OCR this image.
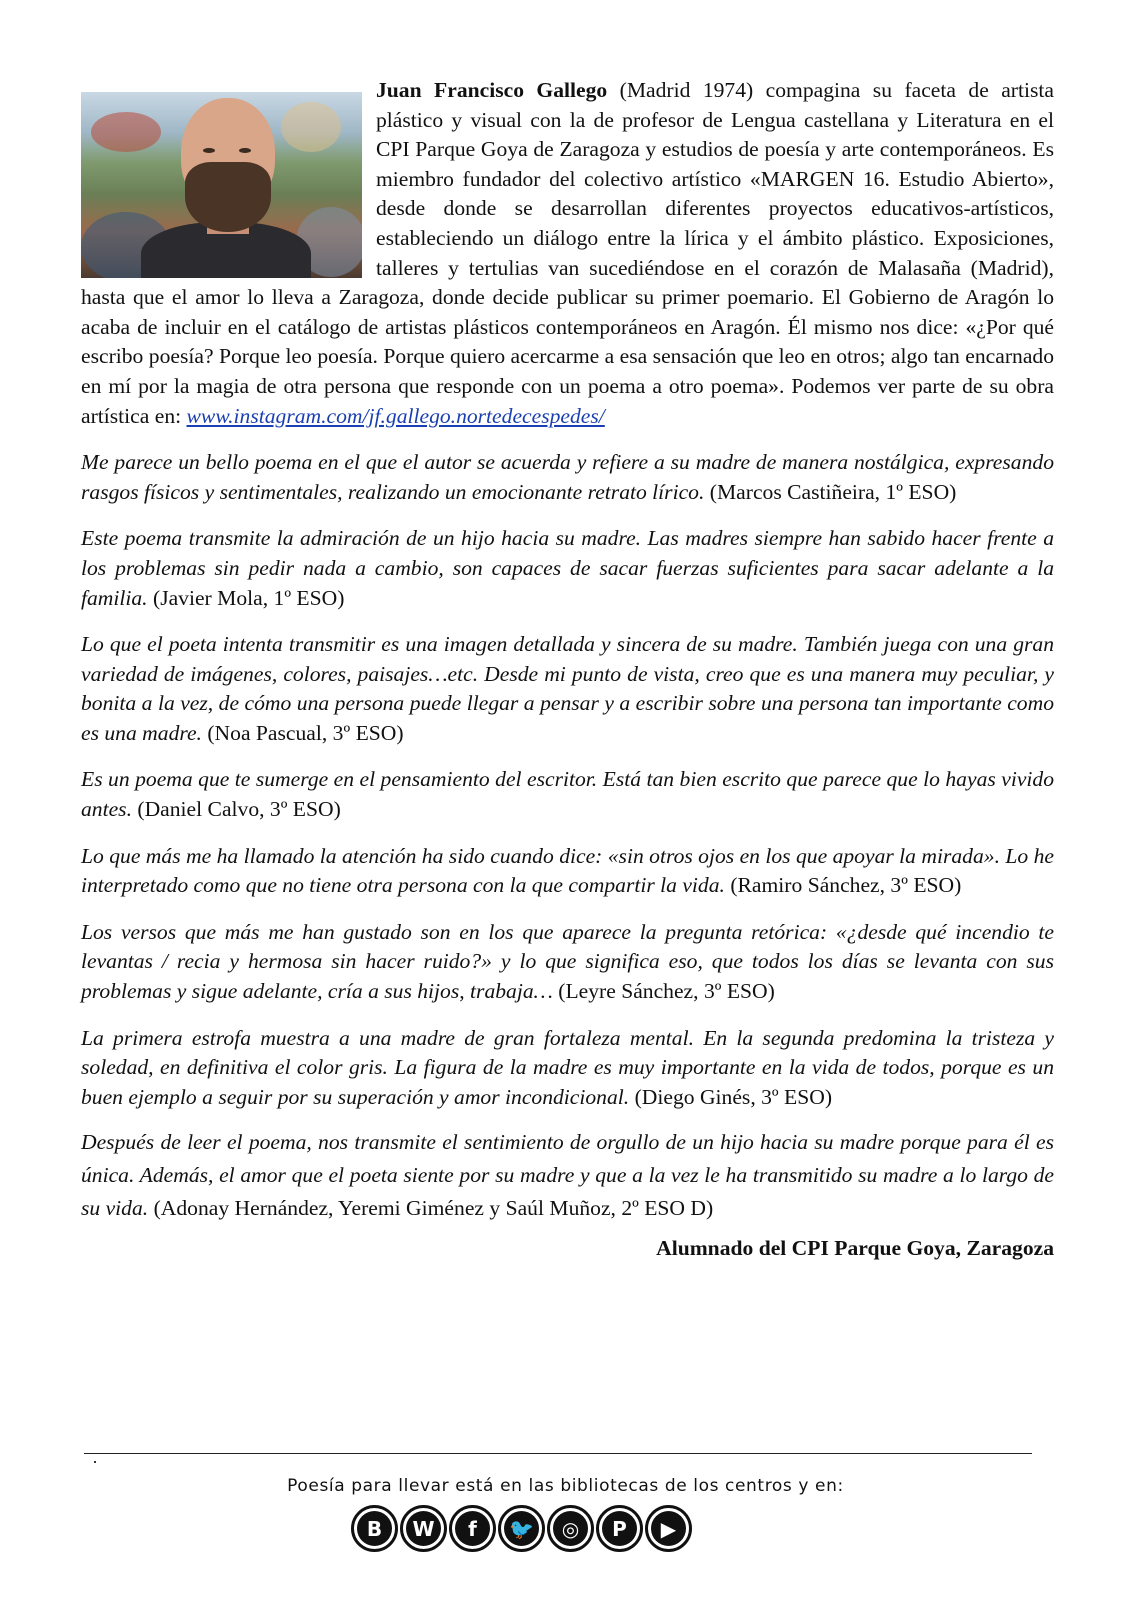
Juan Francisco Gallego (Madrid 1974) compagina su faceta de artista plástico y visual con la de profesor de Lengua castellana y Literatura en el CPI Parque Goya de Zaragoza y estudios de poesía y arte contemporáneos. Es miembro fundador del colectivo artístico «MARGEN 16. Estudio Abierto», desde donde se desarrollan diferentes proyectos educativos-artísticos, estableciendo un diálogo entre la lírica y el ámbito plástico. Exposiciones, talleres y tertulias van sucediéndose en el corazón de Malasaña (Madrid), hasta que el amor lo lleva a Zaragoza, donde decide publicar su primer poemario. El Gobierno de Aragón lo acaba de incluir en el catálogo de artistas plásticos contemporáneos en Aragón. Él mismo nos dice: «¿Por qué escribo poesía? Porque leo poesía. Porque quiero acercarme a esa sensación que leo en otros; algo tan encarnado en mí por la magia de otra persona que responde con un poema a otro poema». Podemos ver parte de su obra artística en: www.instagram.com/jf.gallego.nortedecespedes/

Me parece un bello poema en el que el autor se acuerda y refiere a su madre de manera nostálgica, expresando rasgos físicos y sentimentales, realizando un emocionante retrato lírico. (Marcos Castiñeira, 1º ESO)

Este poema transmite la admiración de un hijo hacia su madre. Las madres siempre han sabido hacer frente a los problemas sin pedir nada a cambio, son capaces de sacar fuerzas suficientes para sacar adelante a la familia. (Javier Mola, 1º ESO)

Lo que el poeta intenta transmitir es una imagen detallada y sincera de su madre. También juega con una gran variedad de imágenes, colores, paisajes…etc. Desde mi punto de vista, creo que es una manera muy peculiar, y bonita a la vez, de cómo una persona puede llegar a pensar y a escribir sobre una persona tan importante como es una madre. (Noa Pascual, 3º ESO)

Es un poema que te sumerge en el pensamiento del escritor. Está tan bien escrito que parece que lo hayas vivido antes. (Daniel Calvo, 3º ESO)

Lo que más me ha llamado la atención ha sido cuando dice: «sin otros ojos en los que apoyar la mirada». Lo he interpretado como que no tiene otra persona con la que compartir la vida. (Ramiro Sánchez, 3º ESO)

Los versos que más me han gustado son en los que aparece la pregunta retórica: «¿desde qué incendio te levantas / recia y hermosa sin hacer ruido?» y lo que significa eso, que todos los días se levanta con sus problemas y sigue adelante, cría a sus hijos, trabaja… (Leyre Sánchez, 3º ESO)

La primera estrofa muestra a una madre de gran fortaleza mental. En la segunda predomina la tristeza y soledad, en definitiva el color gris. La figura de la madre es muy importante en la vida de todos, porque es un buen ejemplo a seguir por su superación y amor incondicional. (Diego Ginés, 3º ESO)

Después de leer el poema, nos transmite el sentimiento de orgullo de un hijo hacia su madre porque para él es única. Además, el amor que el poeta siente por su madre y que a la vez le ha transmitido su madre a lo largo de su vida. (Adonay Hernández, Yeremi Giménez y Saúl Muñoz, 2º ESO D)

Alumnado del CPI Parque Goya, Zaragoza
Poesía para llevar está en las bibliotecas de los centros y en:
B	W	f	🐦	◎	P	▶
